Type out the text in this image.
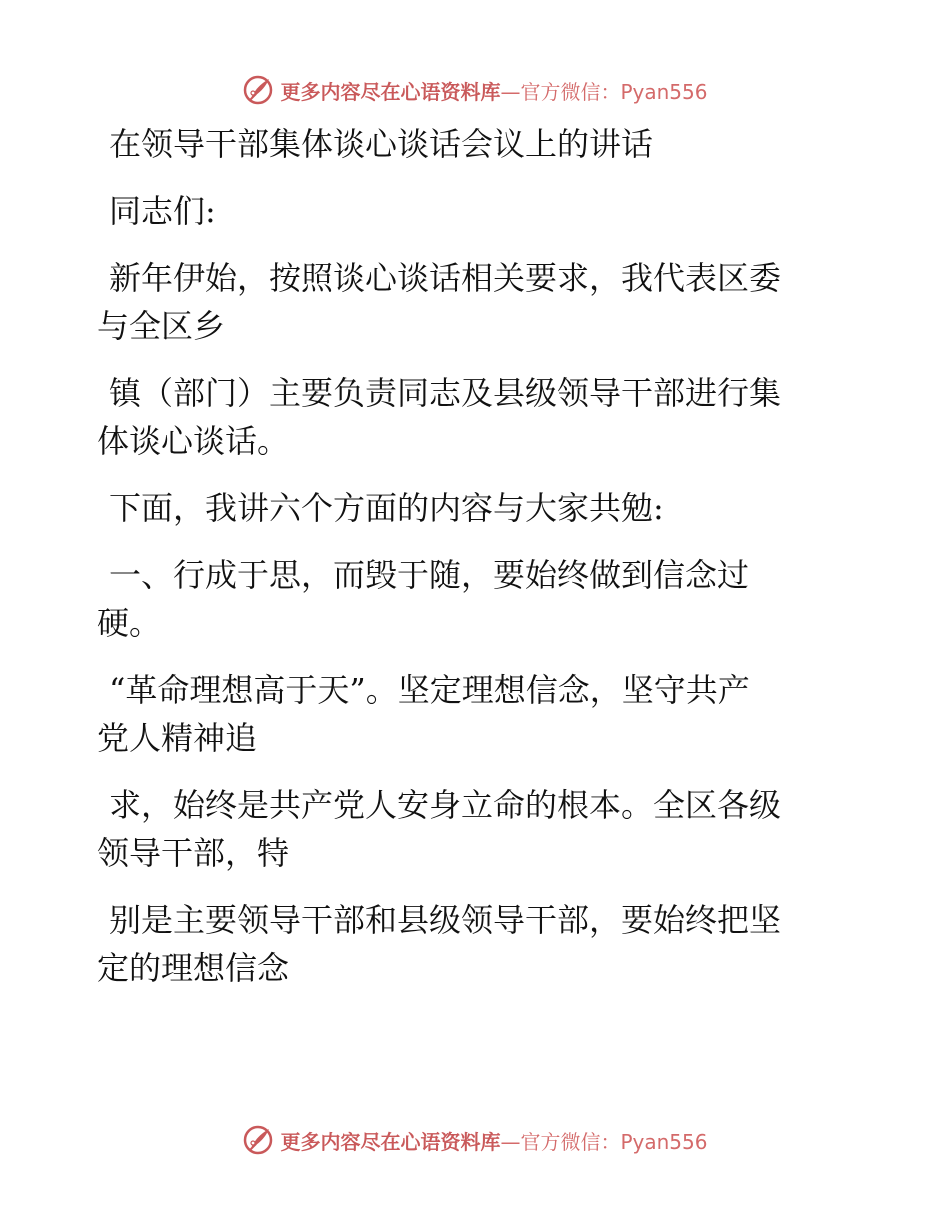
更多内容尽在心语资料库—官方微信：Pyan556
在领导干部集体谈心谈话会议上的讲话
同志们:
新年伊始，按照谈心谈话相关要求，我代表区委
与全区乡
镇（部门）主要负责同志及县级领导干部进行集
体谈心谈话。
下面，我讲六个方面的内容与大家共勉:
一、行成于思，而毁于随，要始终做到信念过
硬。
“革命理想高于天”。坚定理想信念，坚守共产
党人精神追
求，始终是共产党人安身立命的根本。全区各级
领导干部，特
别是主要领导干部和县级领导干部，要始终把坚
定的理想信念
更多内容尽在心语资料库—官方微信：Pyan556
